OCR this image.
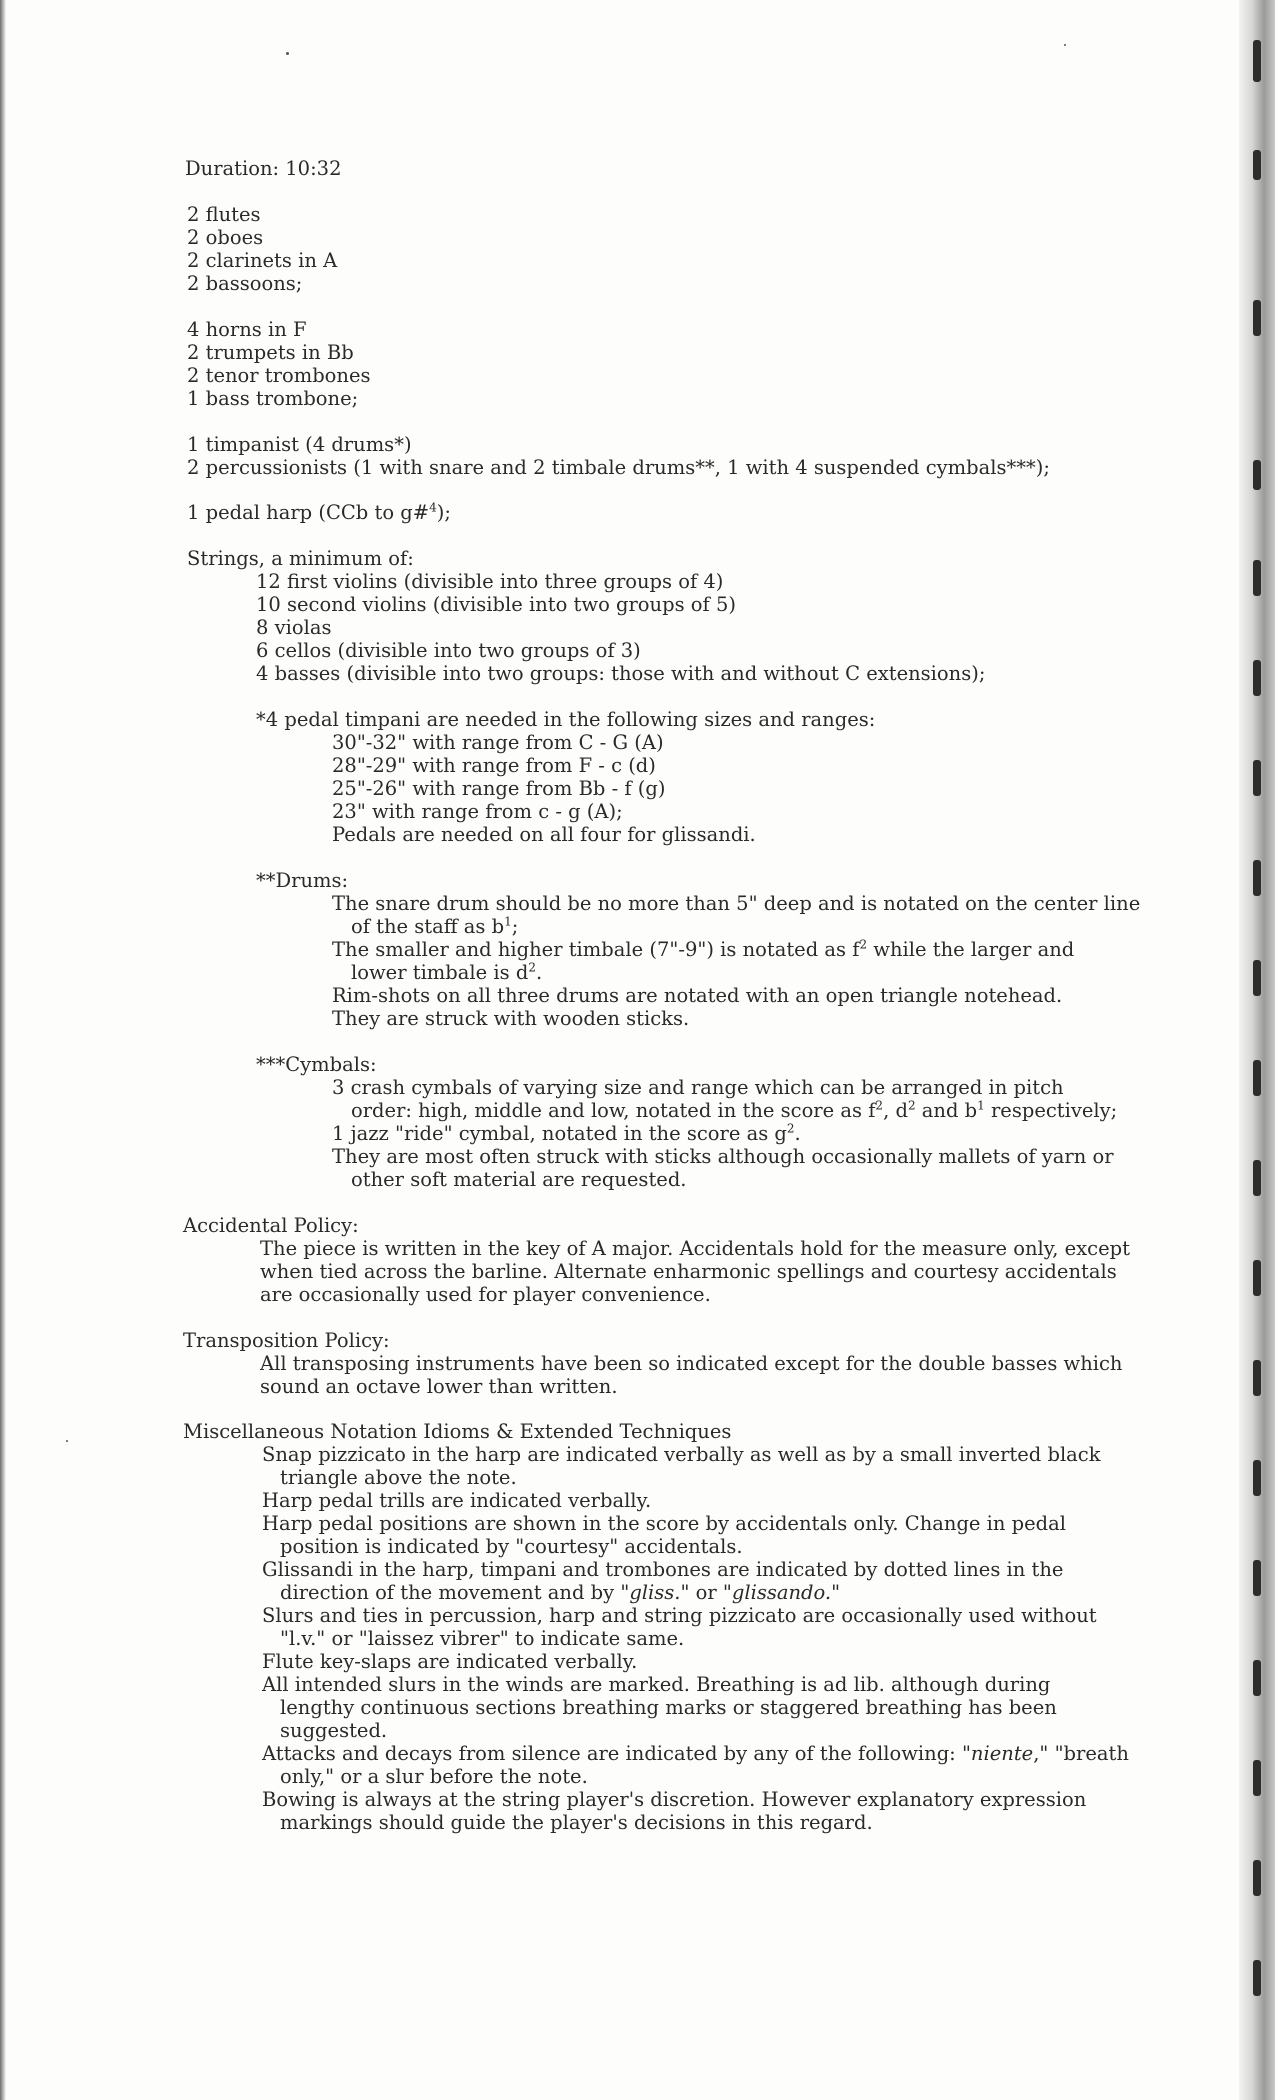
Duration: 10:32
2 flutes
2 oboes
2 clarinets in A
2 bassoons;
4 horns in F
2 trumpets in Bb
2 tenor trombones
1 bass trombone;
1 timpanist (4 drums*)
2 percussionists (1 with snare and 2 timbale drums**, 1 with 4 suspended cymbals***);
1 pedal harp (CCb to g#$^4$);
Strings, a minimum of:
12 first violins (divisible into three groups of 4)
10 second violins (divisible into two groups of 5)
8 violas
6 cellos (divisible into two groups of 3)
4 basses (divisible into two groups: those with and without C extensions);
*4 pedal timpani are needed in the following sizes and ranges:
30"-32" with range from C - G (A)
28"-29" with range from F - c (d)
25"-26" with range from Bb - f (g)
23" with range from c - g (A);
Pedals are needed on all four for glissandi.
**Drums:
The snare drum should be no more than 5" deep and is notated on the center line
of the staff as $b^1$;
The smaller and higher timbale (7"-9") is notated as $f^2$ while the larger and
lower timbale is $d^2$.
Rim-shots on all three drums are notated with an open triangle notehead.
They are struck with wooden sticks.
***Cymbals:
3 crash cymbals of varying size and range which can be arranged in pitch
order: high, middle and low, notated in the score as $f^2$, $d^2$ and $b^1$ respectively;
1 jazz "ride" cymbal, notated in the score as $g^2$.
They are most often struck with sticks although occasionally mallets of yarn or
other soft material are requested.
Accidental Policy:
The piece is written in the key of A major. Accidentals hold for the measure only, except
when tied across the barline. Alternate enharmonic spellings and courtesy accidentals
are occasionally used for player convenience.
Transposition Policy:
All transposing instruments have been so indicated except for the double basses which
sound an octave lower than written.
Miscellaneous Notation Idioms & Extended Techniques
Snap pizzicato in the harp are indicated verbally as well as by a small inverted black
triangle above the note.
Harp pedal trills are indicated verbally.
Harp pedal positions are shown in the score by accidentals only. Change in pedal
position is indicated by "courtesy" accidentals.
Glissandi in the harp, timpani and trombones are indicated by dotted lines in the
direction of the movement and by "gliss." or "glissando."
Slurs and ties in percussion, harp and string pizzicato are occasionally used without
"l.v." or "laissez vibrer" to indicate same.
Flute key-slaps are indicated verbally.
All intended slurs in the winds are marked. Breathing is ad lib. although during
lengthy continuous sections breathing marks or staggered breathing has been
suggested.
Attacks and decays from silence are indicated by any of the following: "niente," "breath
only," or a slur before the note.
Bowing is always at the string player's discretion. However explanatory expression
markings should guide the player's decisions in this regard.
